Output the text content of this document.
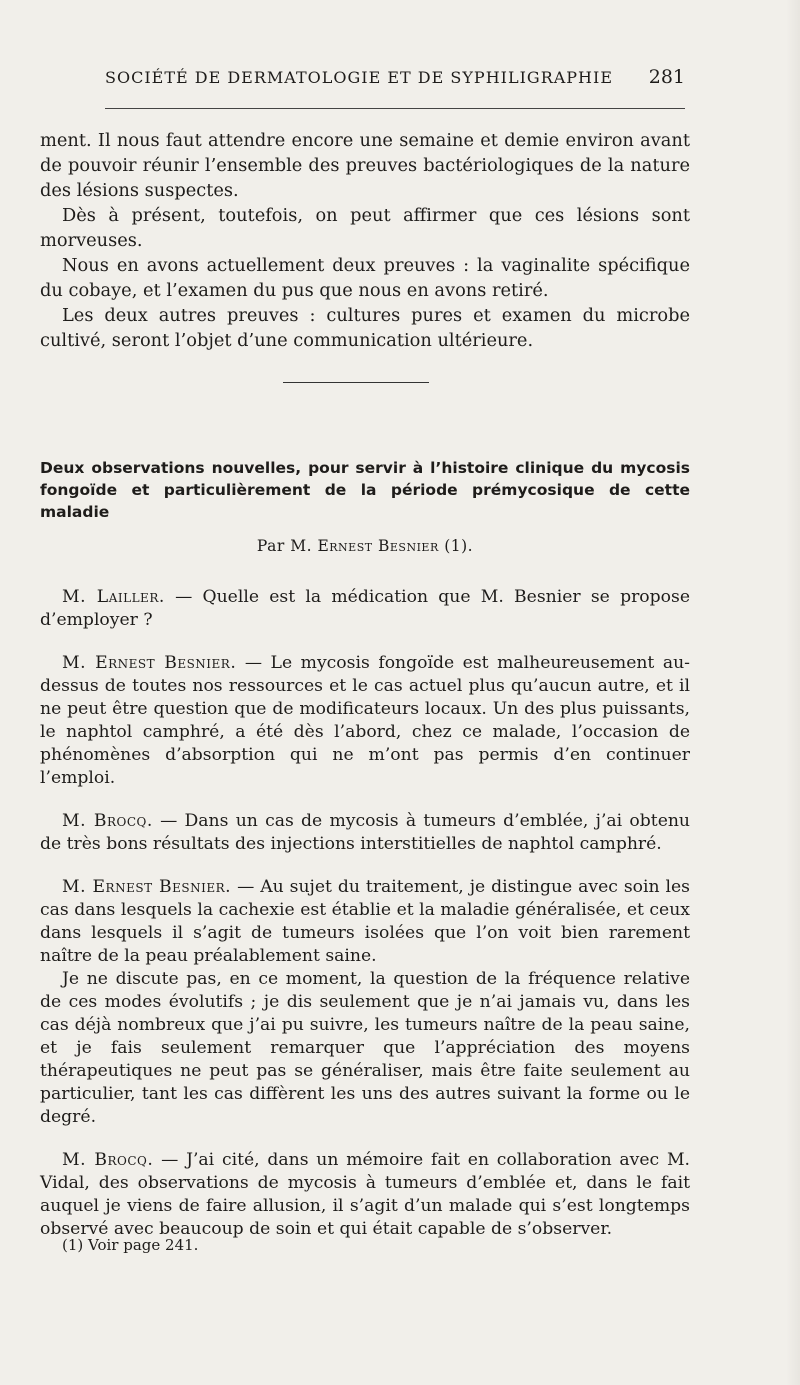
SOCIÉTÉ DE DERMATOLOGIE ET DE SYPHILIGRAPHIE 281

ment. Il nous faut attendre encore une semaine et demie environ avant de pouvoir réunir l’ensemble des preuves bactériologiques de la nature des lésions suspectes.

Dès à présent, toutefois, on peut affirmer que ces lésions sont morveuses.

Nous en avons actuellement deux preuves : la vaginalite spécifique du cobaye, et l’examen du pus que nous en avons retiré.

Les deux autres preuves : cultures pures et examen du microbe cultivé, seront l’objet d’une communication ultérieure.

Deux observations nouvelles, pour servir à l’histoire clinique du mycosis fongoïde et particulièrement de la période prémycosique de cette maladie
Par M. Ernest Besnier (1).

M. Lailler. — Quelle est la médication que M. Besnier se propose d’employer ?

M. Ernest Besnier. — Le mycosis fongoïde est malheureusement au-dessus de toutes nos ressources et le cas actuel plus qu’aucun autre, et il ne peut être question que de modificateurs locaux. Un des plus puissants, le naphtol camphré, a été dès l’abord, chez ce malade, l’occasion de phénomènes d’absorption qui ne m’ont pas permis d’en continuer l’emploi.

M. Brocq. — Dans un cas de mycosis à tumeurs d’emblée, j’ai obtenu de très bons résultats des injections interstitielles de naphtol camphré.

M. Ernest Besnier. — Au sujet du traitement, je distingue avec soin les cas dans lesquels la cachexie est établie et la maladie généralisée, et ceux dans lesquels il s’agit de tumeurs isolées que l’on voit bien rarement naître de la peau préalablement saine.

Je ne discute pas, en ce moment, la question de la fréquence relative de ces modes évolutifs ; je dis seulement que je n’ai jamais vu, dans les cas déjà nombreux que j’ai pu suivre, les tumeurs naître de la peau saine, et je fais seulement remarquer que l’appréciation des moyens thérapeutiques ne peut pas se généraliser, mais être faite seulement au particulier, tant les cas diffèrent les uns des autres suivant la forme ou le degré.

M. Brocq. — J’ai cité, dans un mémoire fait en collaboration avec M. Vidal, des observations de mycosis à tumeurs d’emblée et, dans le fait auquel je viens de faire allusion, il s’agit d’un malade qui s’est longtemps observé avec beaucoup de soin et qui était capable de s’observer.

(1) Voir page 241.
